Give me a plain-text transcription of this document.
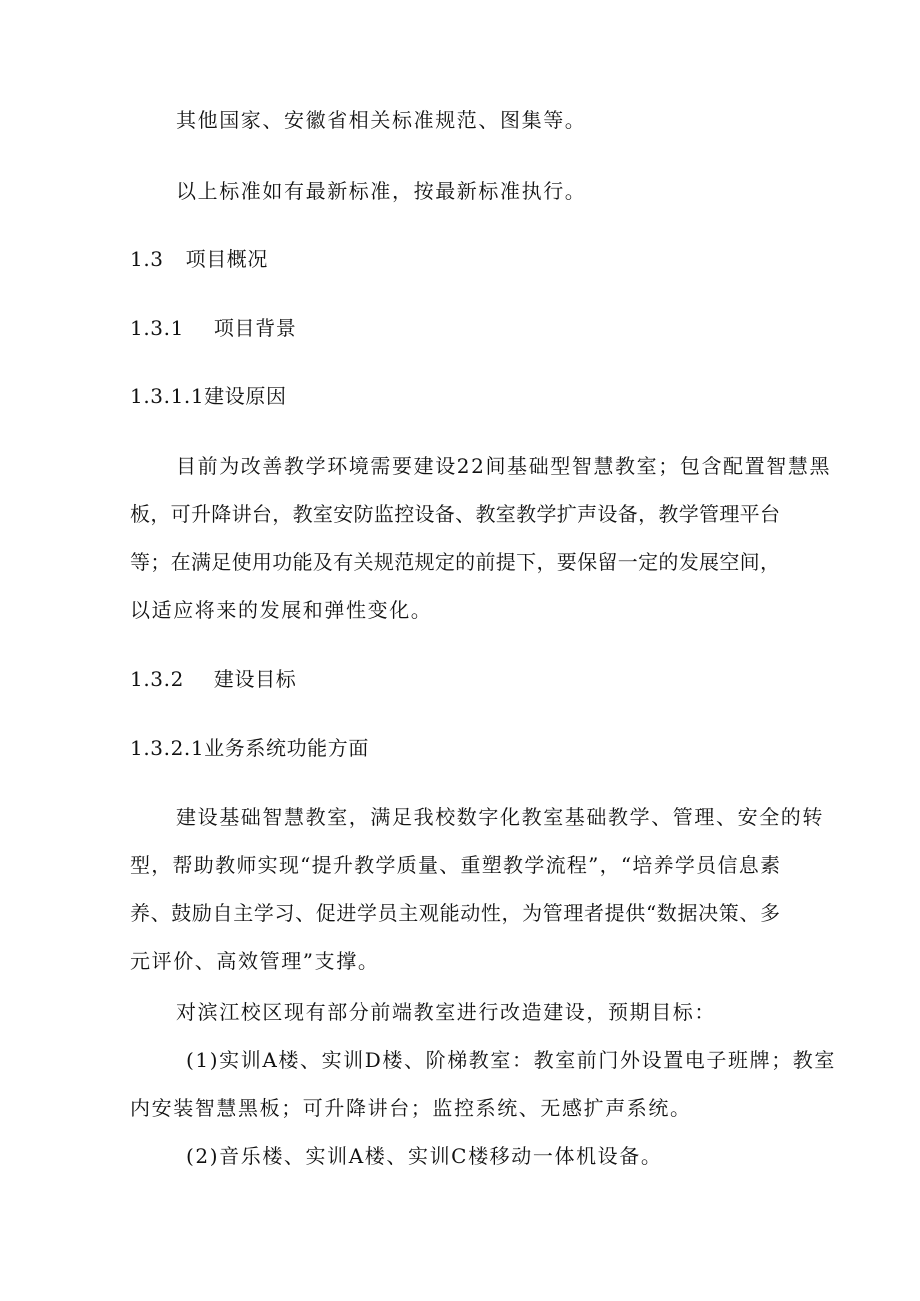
其他国家、安徽省相关标准规范、图集等。
以上标准如有最新标准，按最新标准执行。
1.3 项目概况
1.3.1 项目背景
1.3.1.1建设原因
目前为改善教学环境需要建设22间基础型智慧教室；包含配置智慧黑
板，可升降讲台，教室安防监控设备、教室教学扩声设备，教学管理平台
等；在满足使用功能及有关规范规定的前提下，要保留一定的发展空间，
以适应将来的发展和弹性变化。
1.3.2 建设目标
1.3.2.1业务系统功能方面
建设基础智慧教室，满足我校数字化教室基础教学、管理、安全的转
型，帮助教师实现“提升教学质量、重塑教学流程”，“培养学员信息素
养、鼓励自主学习、促进学员主观能动性，为管理者提供“数据决策、多
元评价、高效管理”支撑。
对滨江校区现有部分前端教室进行改造建设，预期目标：
(1)实训A楼、实训D楼、阶梯教室：教室前门外设置电子班牌；教室
内安装智慧黑板；可升降讲台；监控系统、无感扩声系统。
(2)音乐楼、实训A楼、实训C楼移动一体机设备。
